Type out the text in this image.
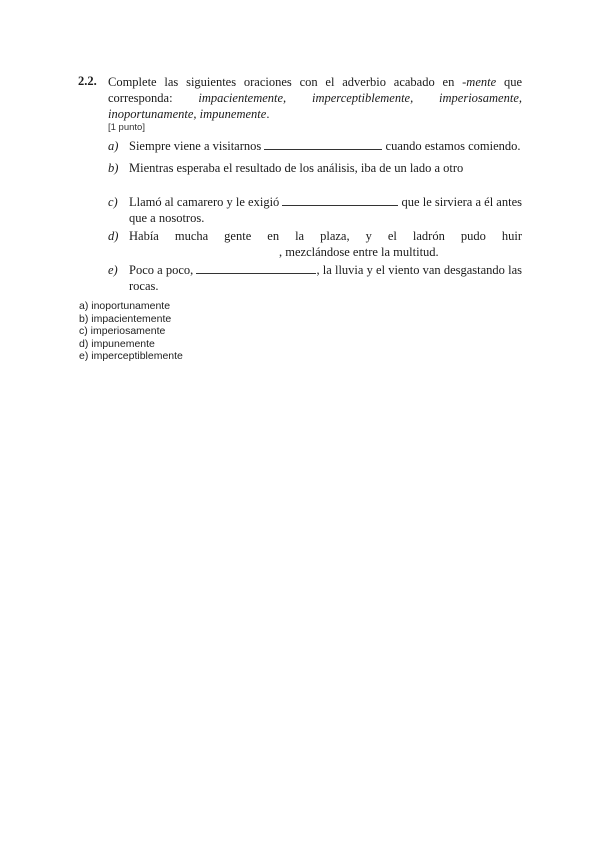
2.2. Complete las siguientes oraciones con el adverbio acabado en -mente que corresponda: impacientemente, imperceptiblemente, imperiosamente, inoportunamente, impunemente.
[1 punto]
a) Siempre viene a visitarnos	cuando estamos comiendo.
b) Mientras esperaba el resultado de los análisis, iba de un lado a otro

c) Llamó al camarero y le exigió	que le sirviera a él antes que a nosotros.
d) Había mucha gente en la plaza, y el ladrón pudo huir, mezclándose entre la multitud.
e) Poco a poco,	, la lluvia y el viento van desgastando las rocas.
a) inoportunamente
b) impacientemente
c) imperiosamente
d) impunemente
e) imperceptiblemente
